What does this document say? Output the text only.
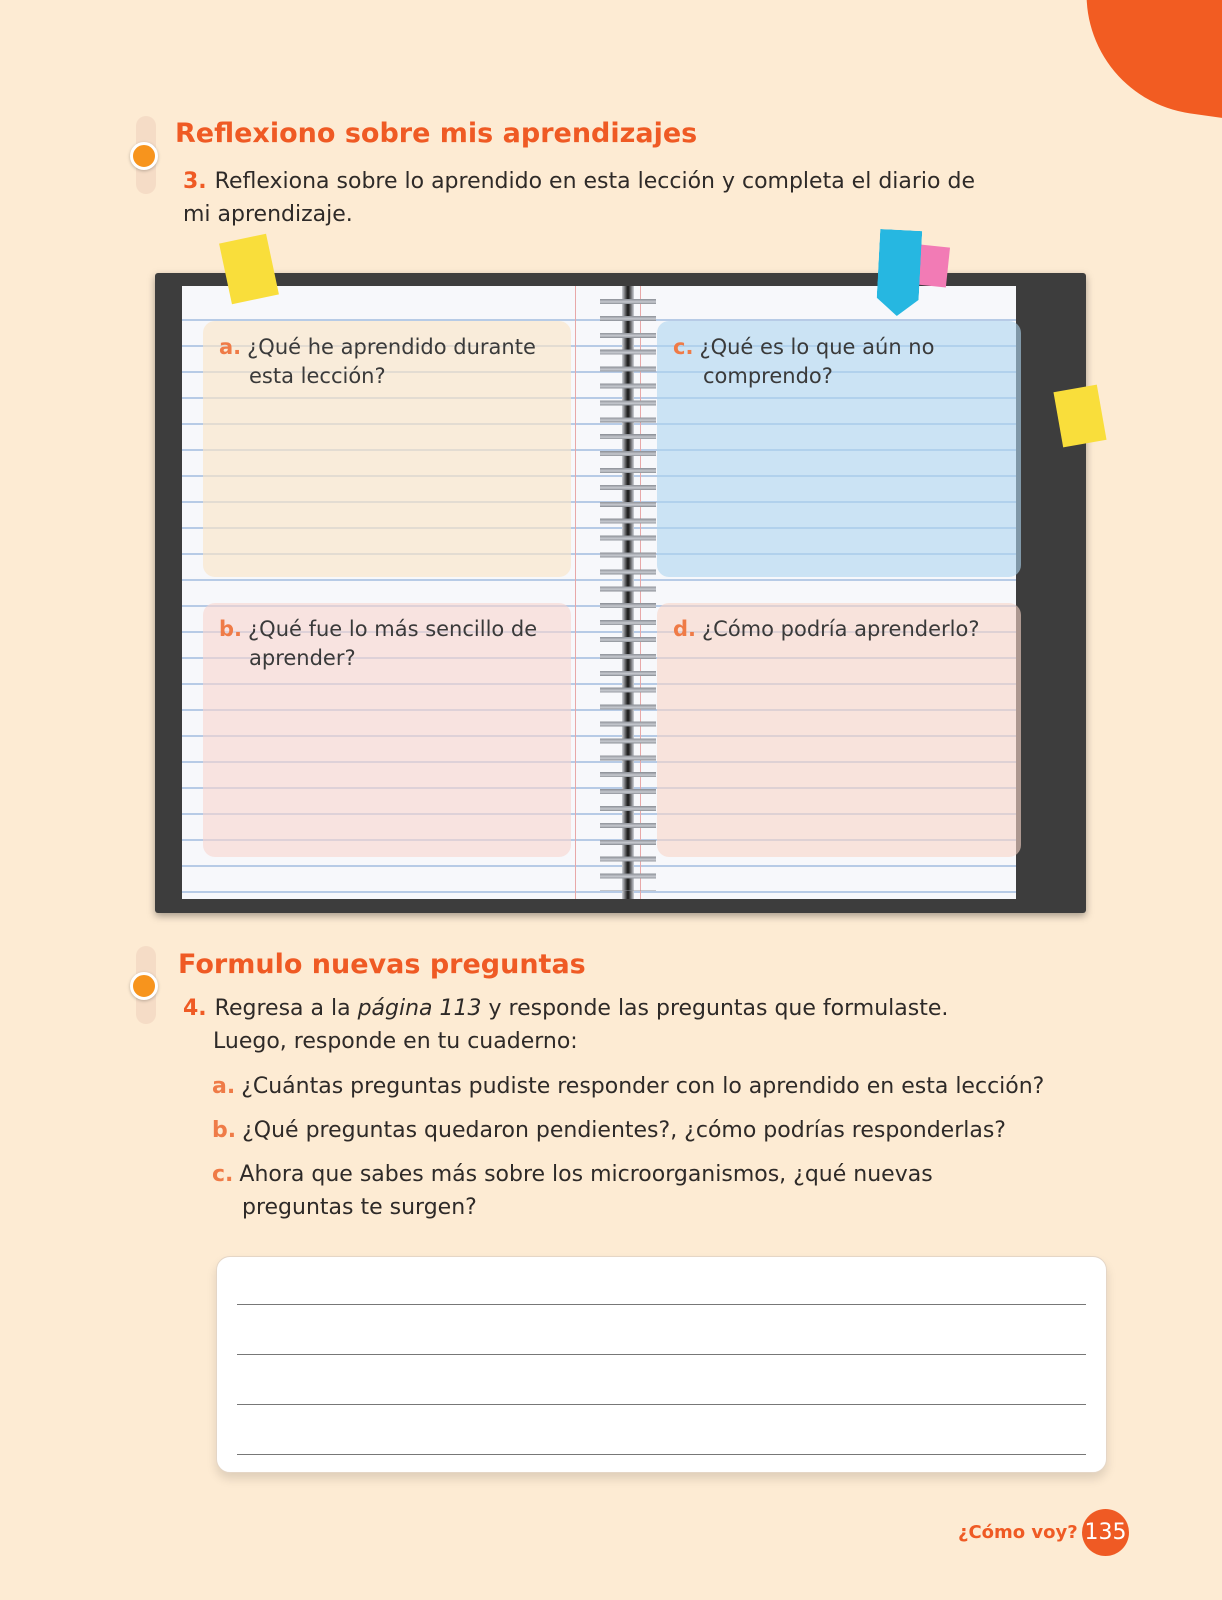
Reflexiono sobre mis aprendizajes

3. Reflexiona sobre lo aprendido en esta lección y completa el diario de mi aprendizaje.

a. ¿Qué he aprendido durante esta lección?

b. ¿Qué fue lo más sencillo de aprender?

c. ¿Qué es lo que aún no comprendo?

d. ¿Cómo podría aprenderlo?

Formulo nuevas preguntas

4. Regresa a la página 113 y responde las preguntas que formulaste.
Luego, responde en tu cuaderno:

a. ¿Cuántas preguntas pudiste responder con lo aprendido en esta lección?

b. ¿Qué preguntas quedaron pendientes?, ¿cómo podrías responderlas?

c. Ahora que sabes más sobre los microorganismos, ¿qué nuevas preguntas te surgen?

¿Cómo voy? 135
